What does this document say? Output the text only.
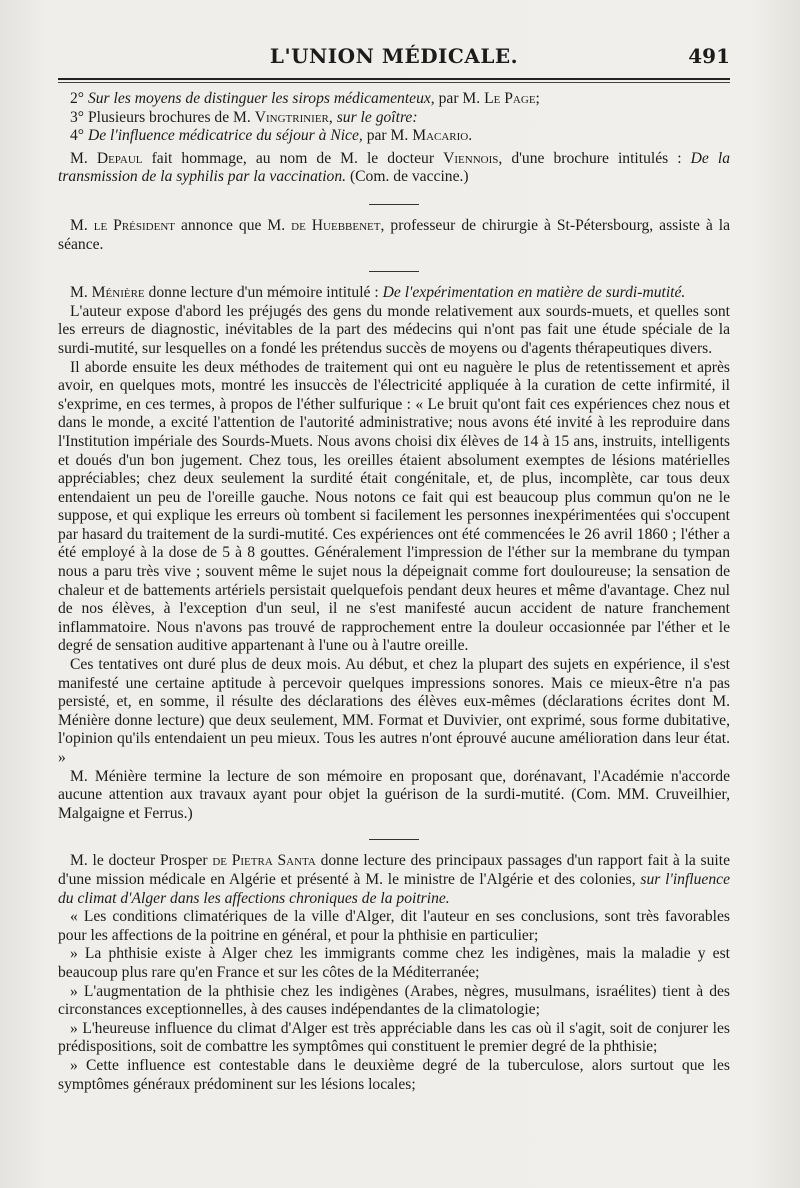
L'UNION MÉDICALE.	491

2° Sur les moyens de distinguer les sirops médicamenteux, par M. Le Page;

3° Plusieurs brochures de M. Vingtrinier, sur le goître:

4° De l'influence médicatrice du séjour à Nice, par M. Macario.

M. Depaul fait hommage, au nom de M. le docteur Viennois, d'une brochure intitulés : De la transmission de la syphilis par la vaccination. (Com. de vaccine.)

M. le Président annonce que M. de Huebbenet, professeur de chirurgie à St-Pétersbourg, assiste à la séance.

M. Ménière donne lecture d'un mémoire intitulé : De l'expérimentation en matière de surdi-mutité.

L'auteur expose d'abord les préjugés des gens du monde relativement aux sourds-muets, et quelles sont les erreurs de diagnostic, inévitables de la part des médecins qui n'ont pas fait une étude spéciale de la surdi-mutité, sur lesquelles on a fondé les prétendus succès de moyens ou d'agents thérapeutiques divers.

Il aborde ensuite les deux méthodes de traitement qui ont eu naguère le plus de retentissement et après avoir, en quelques mots, montré les insuccès de l'électricité appliquée à la curation de cette infirmité, il s'exprime, en ces termes, à propos de l'éther sulfurique : « Le bruit qu'ont fait ces expériences chez nous et dans le monde, a excité l'attention de l'autorité administrative; nous avons été invité à les reproduire dans l'Institution impériale des Sourds-Muets. Nous avons choisi dix élèves de 14 à 15 ans, instruits, intelligents et doués d'un bon jugement. Chez tous, les oreilles étaient absolument exemptes de lésions matérielles appréciables; chez deux seulement la surdité était congénitale, et, de plus, incomplète, car tous deux entendaient un peu de l'oreille gauche. Nous notons ce fait qui est beaucoup plus commun qu'on ne le suppose, et qui explique les erreurs où tombent si facilement les personnes inexpérimentées qui s'occupent par hasard du traitement de la surdi-mutité. Ces expériences ont été commencées le 26 avril 1860 ; l'éther a été employé à la dose de 5 à 8 gouttes. Généralement l'impression de l'éther sur la membrane du tympan nous a paru très vive ; souvent même le sujet nous la dépeignait comme fort douloureuse; la sensation de chaleur et de battements artériels persistait quelquefois pendant deux heures et même d'avantage. Chez nul de nos élèves, à l'exception d'un seul, il ne s'est manifesté aucun accident de nature franchement inflammatoire. Nous n'avons pas trouvé de rapprochement entre la douleur occasionnée par l'éther et le degré de sensation auditive appartenant à l'une ou à l'autre oreille.

Ces tentatives ont duré plus de deux mois. Au début, et chez la plupart des sujets en expérience, il s'est manifesté une certaine aptitude à percevoir quelques impressions sonores. Mais ce mieux-être n'a pas persisté, et, en somme, il résulte des déclarations des élèves eux-mêmes (déclarations écrites dont M. Ménière donne lecture) que deux seulement, MM. Format et Duvivier, ont exprimé, sous forme dubitative, l'opinion qu'ils entendaient un peu mieux. Tous les autres n'ont éprouvé aucune amélioration dans leur état. »

M. Ménière termine la lecture de son mémoire en proposant que, dorénavant, l'Académie n'accorde aucune attention aux travaux ayant pour objet la guérison de la surdi-mutité. (Com. MM. Cruveilhier, Malgaigne et Ferrus.)

M. le docteur Prosper de Pietra Santa donne lecture des principaux passages d'un rapport fait à la suite d'une mission médicale en Algérie et présenté à M. le ministre de l'Algérie et des colonies, sur l'influence du climat d'Alger dans les affections chroniques de la poitrine.

« Les conditions climatériques de la ville d'Alger, dit l'auteur en ses conclusions, sont très favorables pour les affections de la poitrine en général, et pour la phthisie en particulier;

» La phthisie existe à Alger chez les immigrants comme chez les indigènes, mais la maladie y est beaucoup plus rare qu'en France et sur les côtes de la Méditerranée;

» L'augmentation de la phthisie chez les indigènes (Arabes, nègres, musulmans, israélites) tient à des circonstances exceptionnelles, à des causes indépendantes de la climatologie;

» L'heureuse influence du climat d'Alger est très appréciable dans les cas où il s'agit, soit de conjurer les prédispositions, soit de combattre les symptômes qui constituent le premier degré de la phthisie;

» Cette influence est contestable dans le deuxième degré de la tuberculose, alors surtout que les symptômes généraux prédominent sur les lésions locales;
